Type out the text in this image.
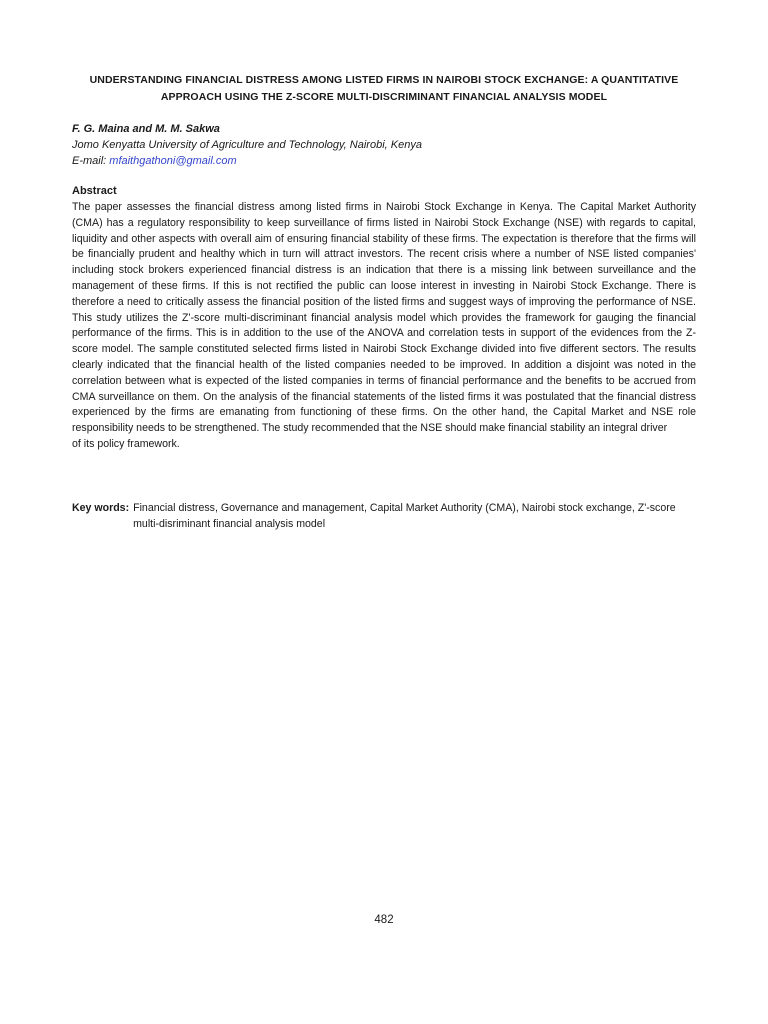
UNDERSTANDING FINANCIAL DISTRESS AMONG LISTED FIRMS IN NAIROBI STOCK EXCHANGE: A QUANTITATIVE APPROACH USING THE Z-SCORE MULTI-DISCRIMINANT FINANCIAL ANALYSIS MODEL
F. G. Maina and M. M. Sakwa
Jomo Kenyatta University of Agriculture and Technology, Nairobi, Kenya
E-mail: mfaithgathoni@gmail.com
Abstract

The paper assesses the financial distress among listed firms in Nairobi Stock Exchange in Kenya. The Capital Market Authority (CMA) has a regulatory responsibility to keep surveillance of firms listed in Nairobi Stock Exchange (NSE) with regards to capital, liquidity and other aspects with overall aim of ensuring financial stability of these firms. The expectation is therefore that the firms will be financially prudent and healthy which in turn will attract investors. The recent crisis where a number of NSE listed companies' including stock brokers experienced financial distress is an indication that there is a missing link between surveillance and the management of these firms. If this is not rectified the public can loose interest in investing in Nairobi Stock Exchange. There is therefore a need to critically assess the financial position of the listed firms and suggest ways of improving the performance of NSE. This study utilizes the Z'-score multi-discriminant financial analysis model which provides the framework for gauging the financial performance of the firms. This is in addition to the use of the ANOVA and correlation tests in support of the evidences from the Z-score model. The sample constituted selected firms listed in Nairobi Stock Exchange divided into five different sectors. The results clearly indicated that the financial health of the listed companies needed to be improved. In addition a disjoint was noted in the correlation between what is expected of the listed companies in terms of financial performance and the benefits to be accrued from CMA surveillance on them. On the analysis of the financial statements of the listed firms it was postulated that the financial distress experienced by the firms are emanating from functioning of these firms. On the other hand, the Capital Market and NSE role responsibility needs to be strengthened. The study recommended that the NSE should make financial stability an integral driver

of its policy framework.

Key words: Financial distress, Governance and management, Capital Market Authority (CMA), Nairobi stock exchange, Z'-score multi-disriminant financial analysis model
482
